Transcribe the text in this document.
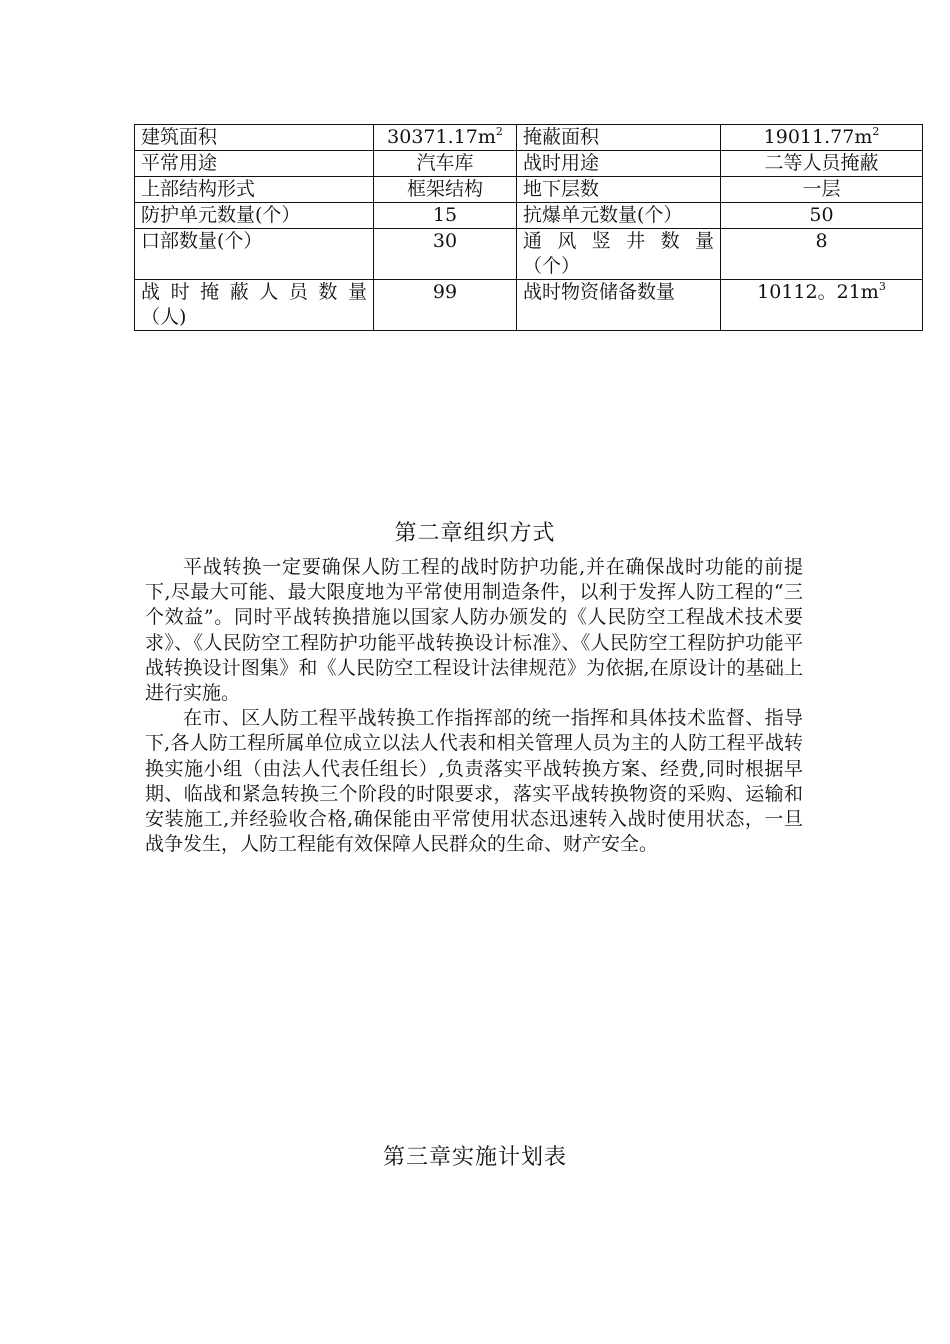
建筑面积	$30371.17m^2$	掩蔽面积	$19011.77m^2$
平常用途	汽车库	战时用途	二等人员掩蔽
上部结构形式	框架结构	地下层数	一层
防护单元数量(个）	15	抗爆单元数量(个）	50
口部数量(个）	30	通 风 竖 井 数 量 （个）	8
战 时 掩 蔽 人 员 数 量 （人)	99	战时物资储备数量	10112。$21m^3$
第二章组织方式

平战转换一定要确保人防工程的战时防护功能,并在确保战时功能的前提下,尽最大可能、最大限度地为平常使用制造条件，以利于发挥人防工程的“三个效益”。同时平战转换措施以国家人防办颁发的《人民防空工程战术技术要求》、《人民防空工程防护功能平战转换设计标准》、《人民防空工程防护功能平战转换设计图集》和《人民防空工程设计法律规范》为依据,在原设计的基础上进行实施。

在市、区人防工程平战转换工作指挥部的统一指挥和具体技术监督、指导下,各人防工程所属单位成立以法人代表和相关管理人员为主的人防工程平战转换实施小组（由法人代表任组长）,负责落实平战转换方案、经费,同时根据早期、临战和紧急转换三个阶段的时限要求，落实平战转换物资的采购、运输和安装施工,并经验收合格,确保能由平常使用状态迅速转入战时使用状态，一旦战争发生，人防工程能有效保障人民群众的生命、财产安全。

第三章实施计划表
